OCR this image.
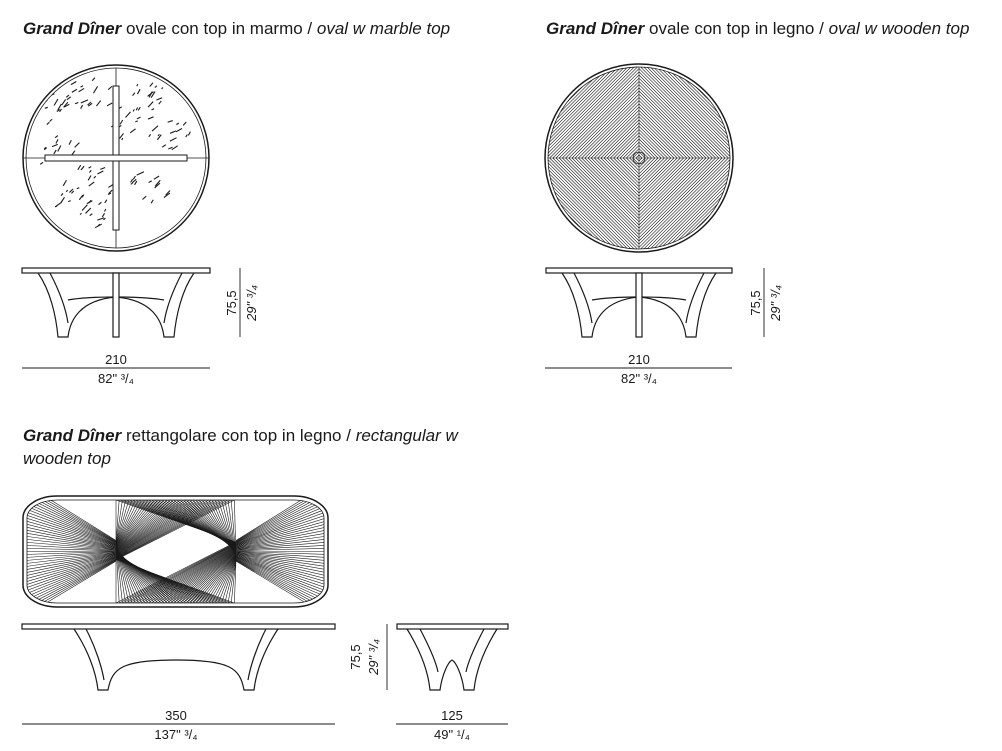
Grand Dîner ovale con top in marmo / oval w marble top	Grand Dîner ovale con top in legno / oval w wooden top
Grand Dîner rettangolare con top in legno / rectangular w wooden top
210
82" ³/₄
75,5 29" ³/₄
210
82" ³/₄
75,5 29" ³/₄
350
137" ³/₄
125
49" ¹/₄
75,5 29" ³/₄
